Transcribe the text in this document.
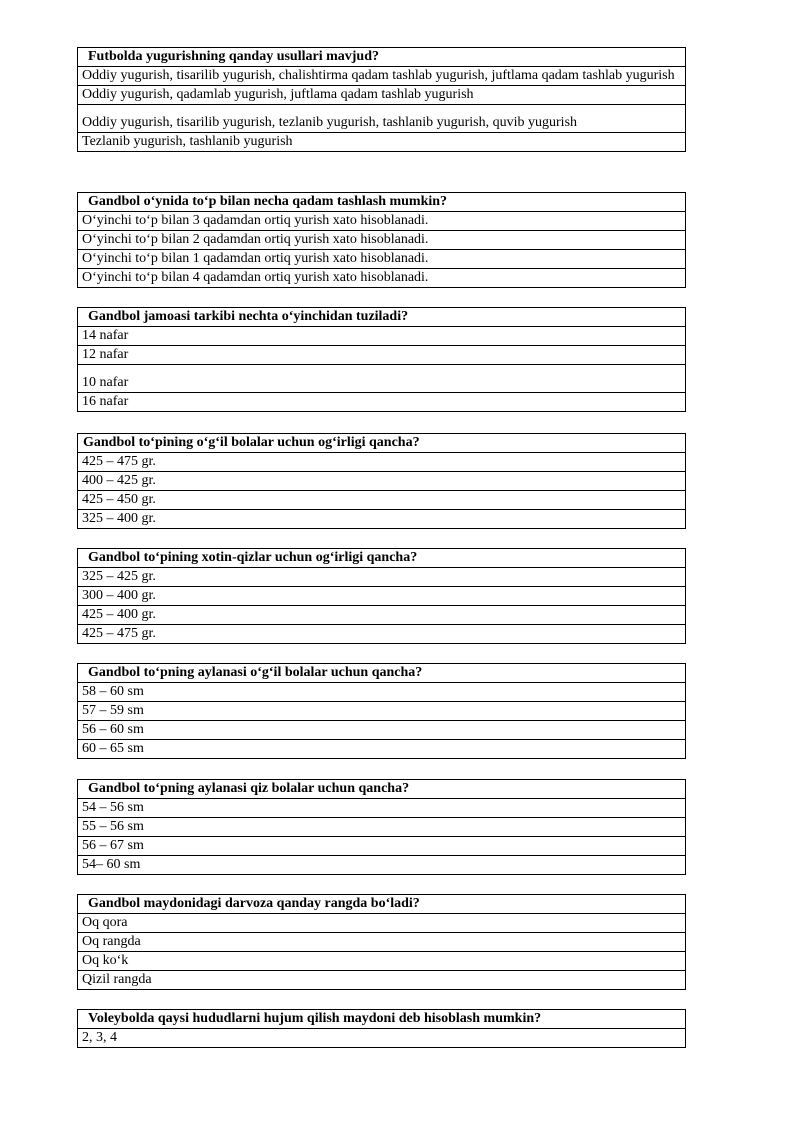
Futbolda yugurishning qanday usullari mavjud?
Oddiy yugurish, tisarilib yugurish, chalishtirma qadam tashlab yugurish, juftlama qadam tashlab yugurish
Oddiy yugurish, qadamlab yugurish, juftlama qadam tashlab yugurish
Oddiy yugurish, tisarilib yugurish, tezlanib yugurish, tashlanib yugurish, quvib yugurish
Tezlanib yugurish, tashlanib yugurish
Gandbol oʻynida toʻp bilan necha qadam tashlash mumkin?
Oʻyinchi toʻp bilan 3 qadamdan ortiq yurish xato hisoblanadi.
Oʻyinchi toʻp bilan 2 qadamdan ortiq yurish xato hisoblanadi.
Oʻyinchi toʻp bilan 1 qadamdan ortiq yurish xato hisoblanadi.
Oʻyinchi toʻp bilan 4 qadamdan ortiq yurish xato hisoblanadi.
Gandbol jamoasi tarkibi nechta oʻyinchidan tuziladi?
14 nafar
12 nafar
10 nafar
16 nafar
Gandbol toʻpining oʻgʻil bolalar uchun ogʻirligi qancha?
425 – 475 gr.
400 – 425 gr.
425 – 450 gr.
325 – 400 gr.
Gandbol toʻpining xotin-qizlar uchun ogʻirligi qancha?
325 – 425 gr.
300 – 400 gr.
425 – 400 gr.
425 – 475 gr.
Gandbol toʻpning aylanasi oʻgʻil bolalar uchun qancha?
58 – 60 sm
57 – 59 sm
56 – 60 sm
60 – 65 sm
Gandbol toʻpning aylanasi qiz bolalar uchun qancha?
54 – 56 sm
55 – 56 sm
56 – 67 sm
54– 60 sm
Gandbol maydonidagi darvoza qanday rangda boʻladi?
Oq qora
Oq rangda
Oq koʻk
Qizil rangda
Voleybolda qaysi hududlarni hujum qilish maydoni deb hisoblash mumkin?
2, 3, 4
